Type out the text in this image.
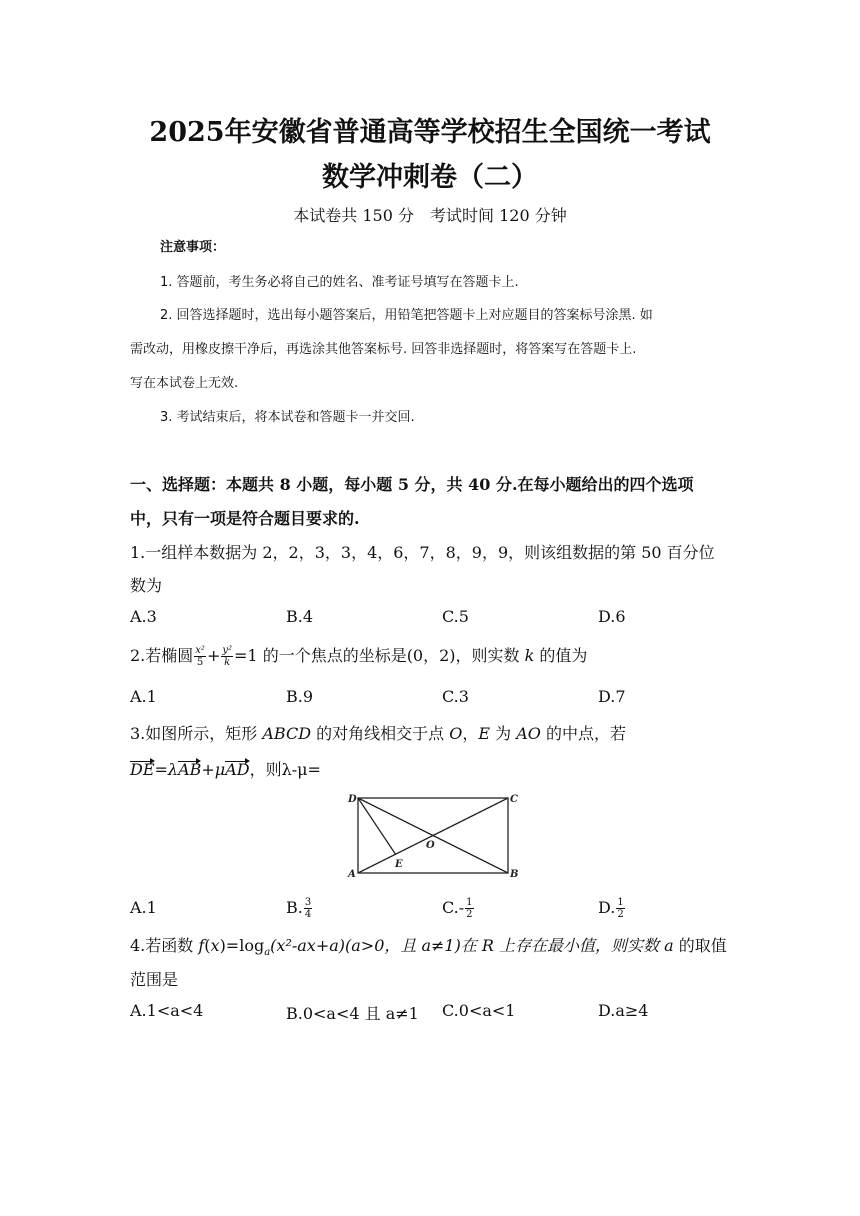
2025年安徽省普通高等学校招生全国统一考试
数学冲刺卷（二）
本试卷共 150 分　考试时间 120 分钟
注意事项：
1. 答题前，考生务必将自己的姓名、准考证号填写在答题卡上.
2. 回答选择题时，选出每小题答案后，用铅笔把答题卡上对应题目的答案标号涂黑. 如
需改动，用橡皮擦干净后，再选涂其他答案标号. 回答非选择题时，将答案写在答题卡上.
写在本试卷上无效.
3. 考试结束后，将本试卷和答题卡一并交回.
一、选择题：本题共 8 小题，每小题 5 分，共 40 分.在每小题给出的四个选项
中，只有一项是符合题目要求的.
1.一组样本数据为 2，2，3，3，4，6，7，8，9，9，则该组数据的第 50 百分位
数为
A.3	B.4	C.5	D.6
2.若椭圆 $\frac{\text{x²}}{5} + \frac{\text{y²}}{k} =1$ 的一个焦点的坐标是(0，2)，则实数 k 的值为
A.1	B.9	C.3	D.7
3.如图所示，矩形 ABCD 的对角线相交于点 O，E 为 AO 的中点，若
DE=λAB+μAD，则λ-μ=
A	B
C
D
O
E
A.1	B. $\frac{3}{4}$	$C.- \frac{1}{2}$	D. $\frac{1}{2}$
4.若函数 $f(x)=\log_a(x^2-ax+a)(a>0$，且 a≠1)在 R 上存在最小值，则实数 a 的取值
范围是
A.1<a<4	B.0<a<4 且 a≠1 C.0<a<1	D.a≥4
